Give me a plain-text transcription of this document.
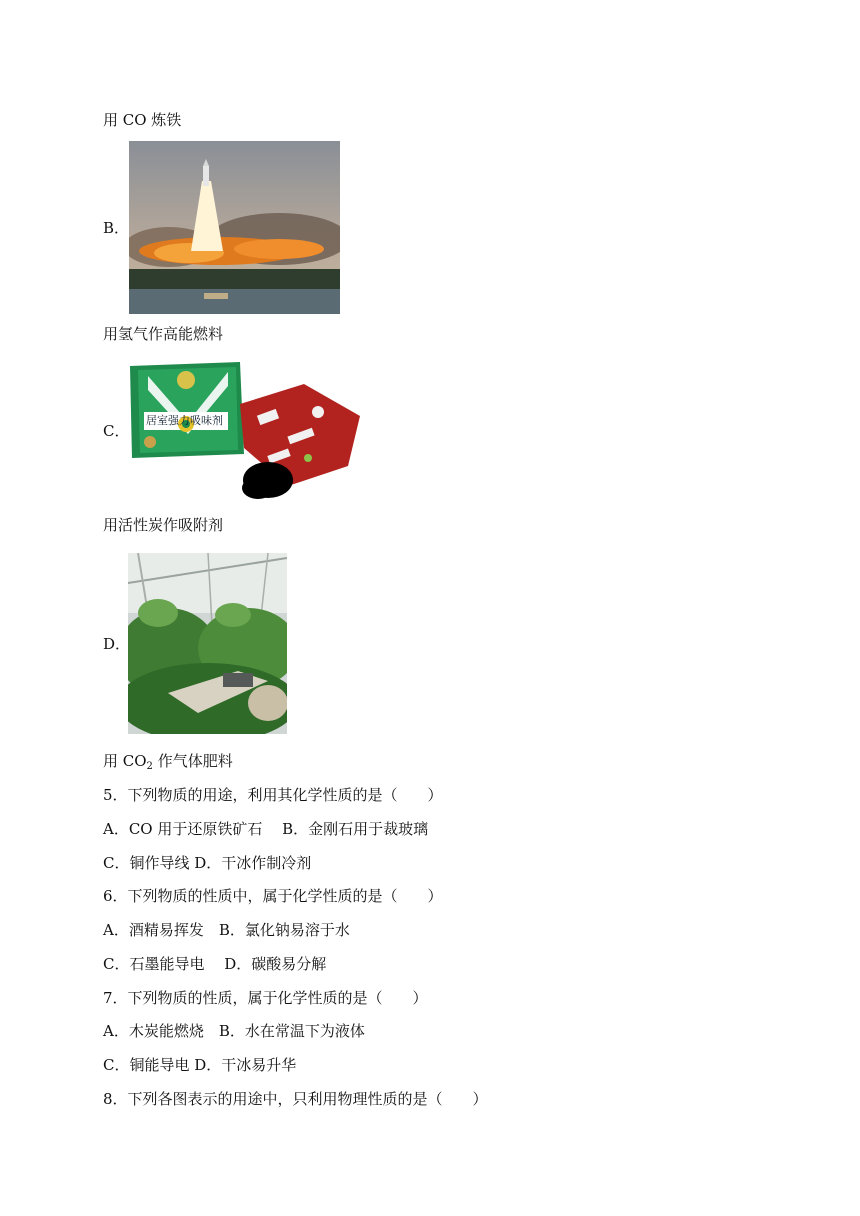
用 CO 炼铁
B．
用氢气作高能燃料
居室强力吸味剂
C．
用活性炭作吸附剂
D．
用 $CO_2$ 作气体肥料
5．下列物质的用途，利用其化学性质的是（　　）
A．CO 用于还原铁矿石　 B．金刚石用于裁玻璃
C．铜作导线 D．干冰作制冷剂
6．下列物质的性质中，属于化学性质的是（　　）
A．酒精易挥发　B．氯化钠易溶于水
C．石墨能导电　 D．碳酸易分解
7．下列物质的性质，属于化学性质的是（　　）
A．木炭能燃烧　B．水在常温下为液体
C．铜能导电 D．干冰易升华
8．下列各图表示的用途中，只利用物理性质的是（　　）
